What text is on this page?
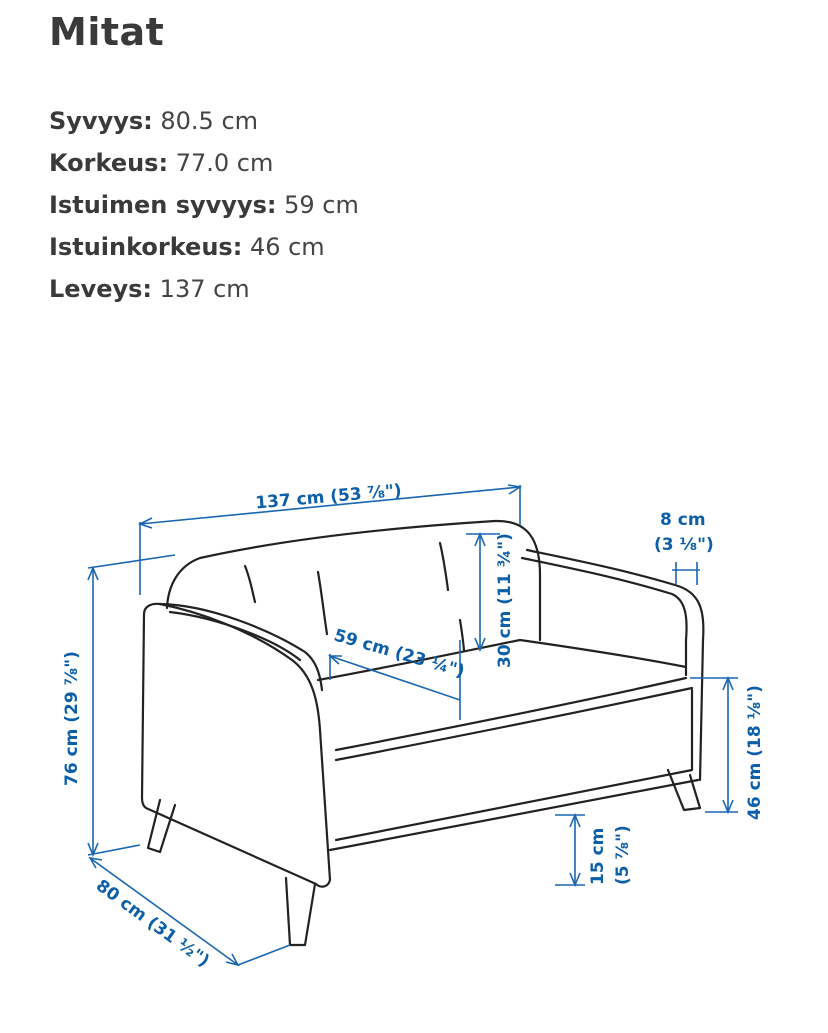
Mitat
Syvyys: 80.5 cm
Korkeus: 77.0 cm
Istuimen syvyys: 59 cm
Istuinkorkeus: 46 cm
Leveys: 137 cm
137 cm (53 ⅞")
8 cm
(3 ⅛")
30 cm (11 ¾")
59 cm (23 ¼")
76 cm (29 ⅞")	46 cm (18 ⅛")
15 cm (5 ⅞")
80 cm (31 ½")
